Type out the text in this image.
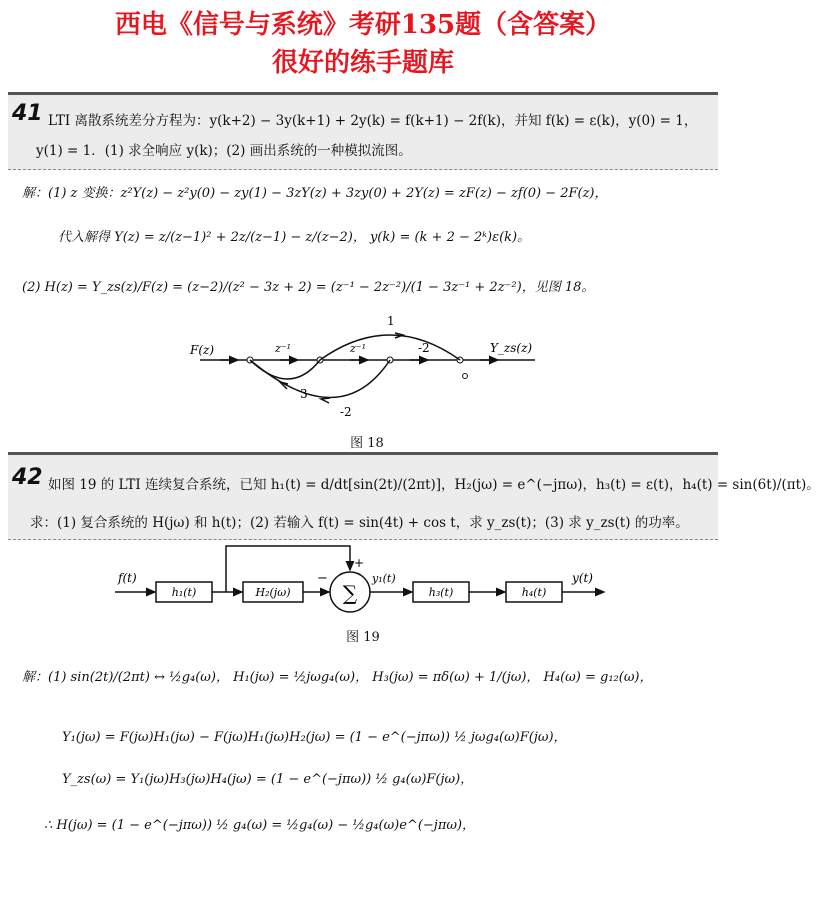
西电《信号与系统》考研135题（含答案）
很好的练手题库
41 LTI 离散系统差分方程为：y(k+2) − 3y(k+1) + 2y(k) = f(k+1) − 2f(k)，并知 f(k) = ε(k)，y(0) = 1，
y(1) = 1．(1) 求全响应 y(k)；(2) 画出系统的一种模拟流图。
解：(1) z 变换：z²Y(z) − z²y(0) − zy(1) − 3zY(z) + 3zy(0) + 2Y(z) = zF(z) − zf(0) − 2F(z)，
代入解得 Y(z) = z/(z−1)² + 2z/(z−1) − z/(z−2)， y(k) = (k + 2 − 2ᵏ)ε(k)。
(2) H(z) = Y_zs(z)/F(z) = (z−2)/(z² − 3z + 2) = (z⁻¹ − 2z⁻²)/(1 − 3z⁻¹ + 2z⁻²)，见图 18。
F(z)	z⁻¹	z⁻¹
1
-2
3
-2
Y_zs(z)
图 18
42 如图 19 的 LTI 连续复合系统，已知 h₁(t) = d/dt[sin(2t)/(2πt)]，H₂(jω) = e^(−jπω)，h₃(t) = ε(t)，h₄(t) = sin(6t)/(πt)。
求：(1) 复合系统的 H(jω) 和 h(t)；(2) 若输入 f(t) = sin(4t) + cos t，求 y_zs(t)；(3) 求 y_zs(t) 的功率。
f(t)
h₁(t)	H₂(jω)	∑
+
−	y₁(t)
h₃(t)	h₄(t)
y(t)
图 19
解：(1) sin(2t)/(2πt) ↔ ½g₄(ω)， H₁(jω) = ½jωg₄(ω)， H₃(jω) = πδ(ω) + 1/(jω)， H₄(ω) = g₁₂(ω)，
Y₁(jω) = F(jω)H₁(jω) − F(jω)H₁(jω)H₂(jω) = (1 − e^(−jπω)) ½ jωg₄(ω)F(jω)，
Y_zs(ω) = Y₁(jω)H₃(jω)H₄(jω) = (1 − e^(−jπω)) ½ g₄(ω)F(jω)，
∴ H(jω) = (1 − e^(−jπω)) ½ g₄(ω) = ½g₄(ω) − ½g₄(ω)e^(−jπω)，
